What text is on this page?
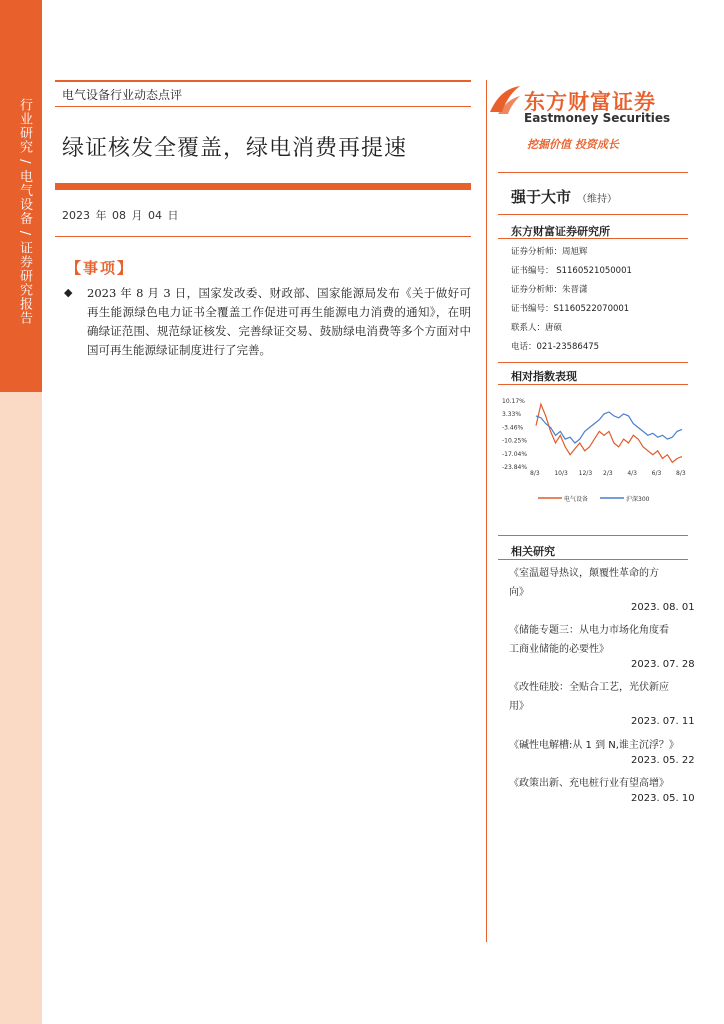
行业研究 / 电气设备 / 证券研究报告
电气设备行业动态点评
绿证核发全覆盖，绿电消费再提速
2023 年 08 月 04 日
【事项】
◆ 2023 年 8 月 3 日，国家发改委、财政部、国家能源局发布《关于做好可再生能源绿色电力证书全覆盖工作促进可再生能源电力消费的通知》，在明确绿证范围、规范绿证核发、完善绿证交易、鼓励绿电消费等多个方面对中国可再生能源绿证制度进行了完善。
东方财富证券
Eastmoney Securities
挖掘价值 投资成长
强于大市 （维持）
东方财富证券研究所
证券分析师：周旭辉
证书编号： S1160521050001
证券分析师：朱晋潇
证书编号：S1160522070001
联系人：唐硕
电话：021-23586475
相对指数表现
10.17%
3.33%
-3.46%
-10.25%
-17.04%
-23.84%
8/3 10/3 12/3 2/3 4/3 6/3 8/3
电气设备	沪深300
相关研究
《室温超导热议，颠覆性革命的方
向》
2023. 08. 01
《储能专题三：从电力市场化角度看
工商业储能的必要性》
2023. 07. 28
《改性硅胶：全贴合工艺，光伏新应
用》
2023. 07. 11
《碱性电解槽:从 1 到 N,谁主沉浮？》
2023. 05. 22
《政策出新、充电桩行业有望高增》
2023. 05. 10
